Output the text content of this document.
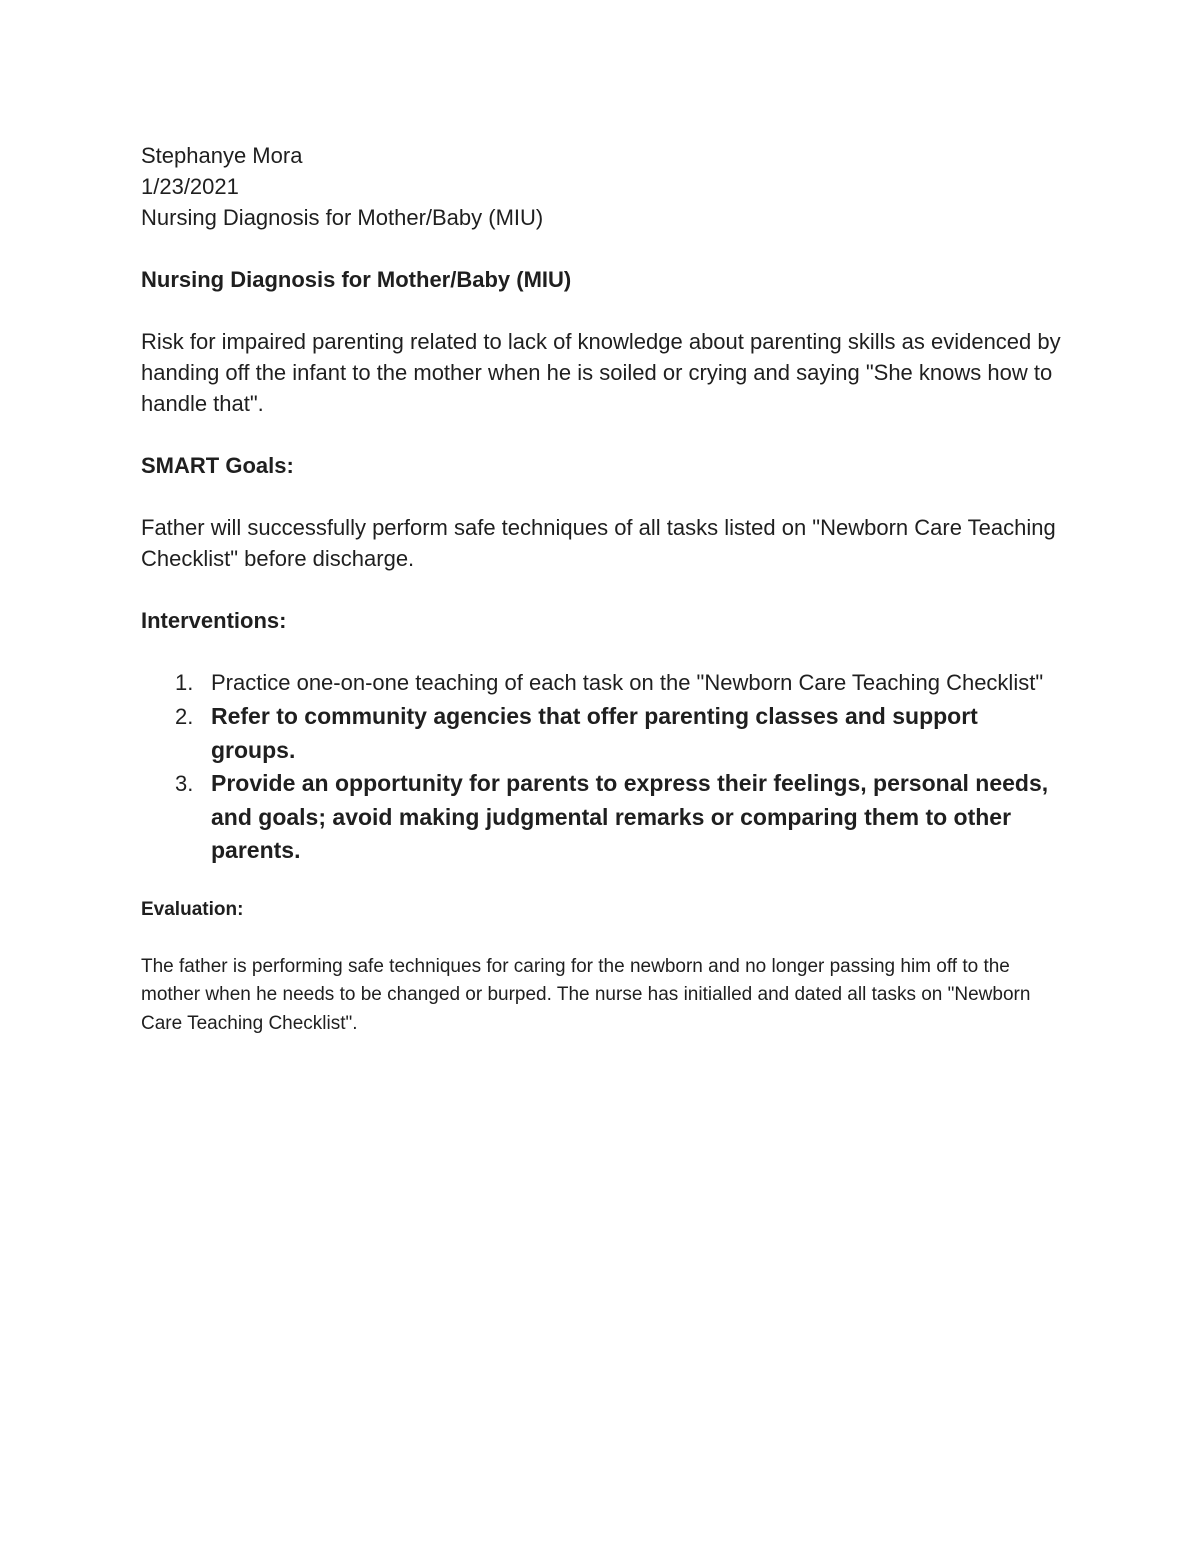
Stephanye Mora

1/23/2021

Nursing Diagnosis for Mother/Baby (MIU)

Nursing Diagnosis for Mother/Baby (MIU)

Risk for impaired parenting related to lack of knowledge about parenting skills as evidenced by handing off the infant to the mother when he is soiled or crying and saying "She knows how to handle that".

SMART Goals:

Father will successfully perform safe techniques of all tasks listed on "Newborn Care Teaching Checklist" before discharge.

Interventions:

1. Practice one-on-one teaching of each task on the "Newborn Care Teaching Checklist"
2. Refer to community agencies that offer parenting classes and support groups.
3. Provide an opportunity for parents to express their feelings, personal needs, and goals; avoid making judgmental remarks or comparing them to other parents.

Evaluation:

The father is performing safe techniques for caring for the newborn and no longer passing him off to the mother when he needs to be changed or burped. The nurse has initialled and dated all tasks on "Newborn Care Teaching Checklist".
